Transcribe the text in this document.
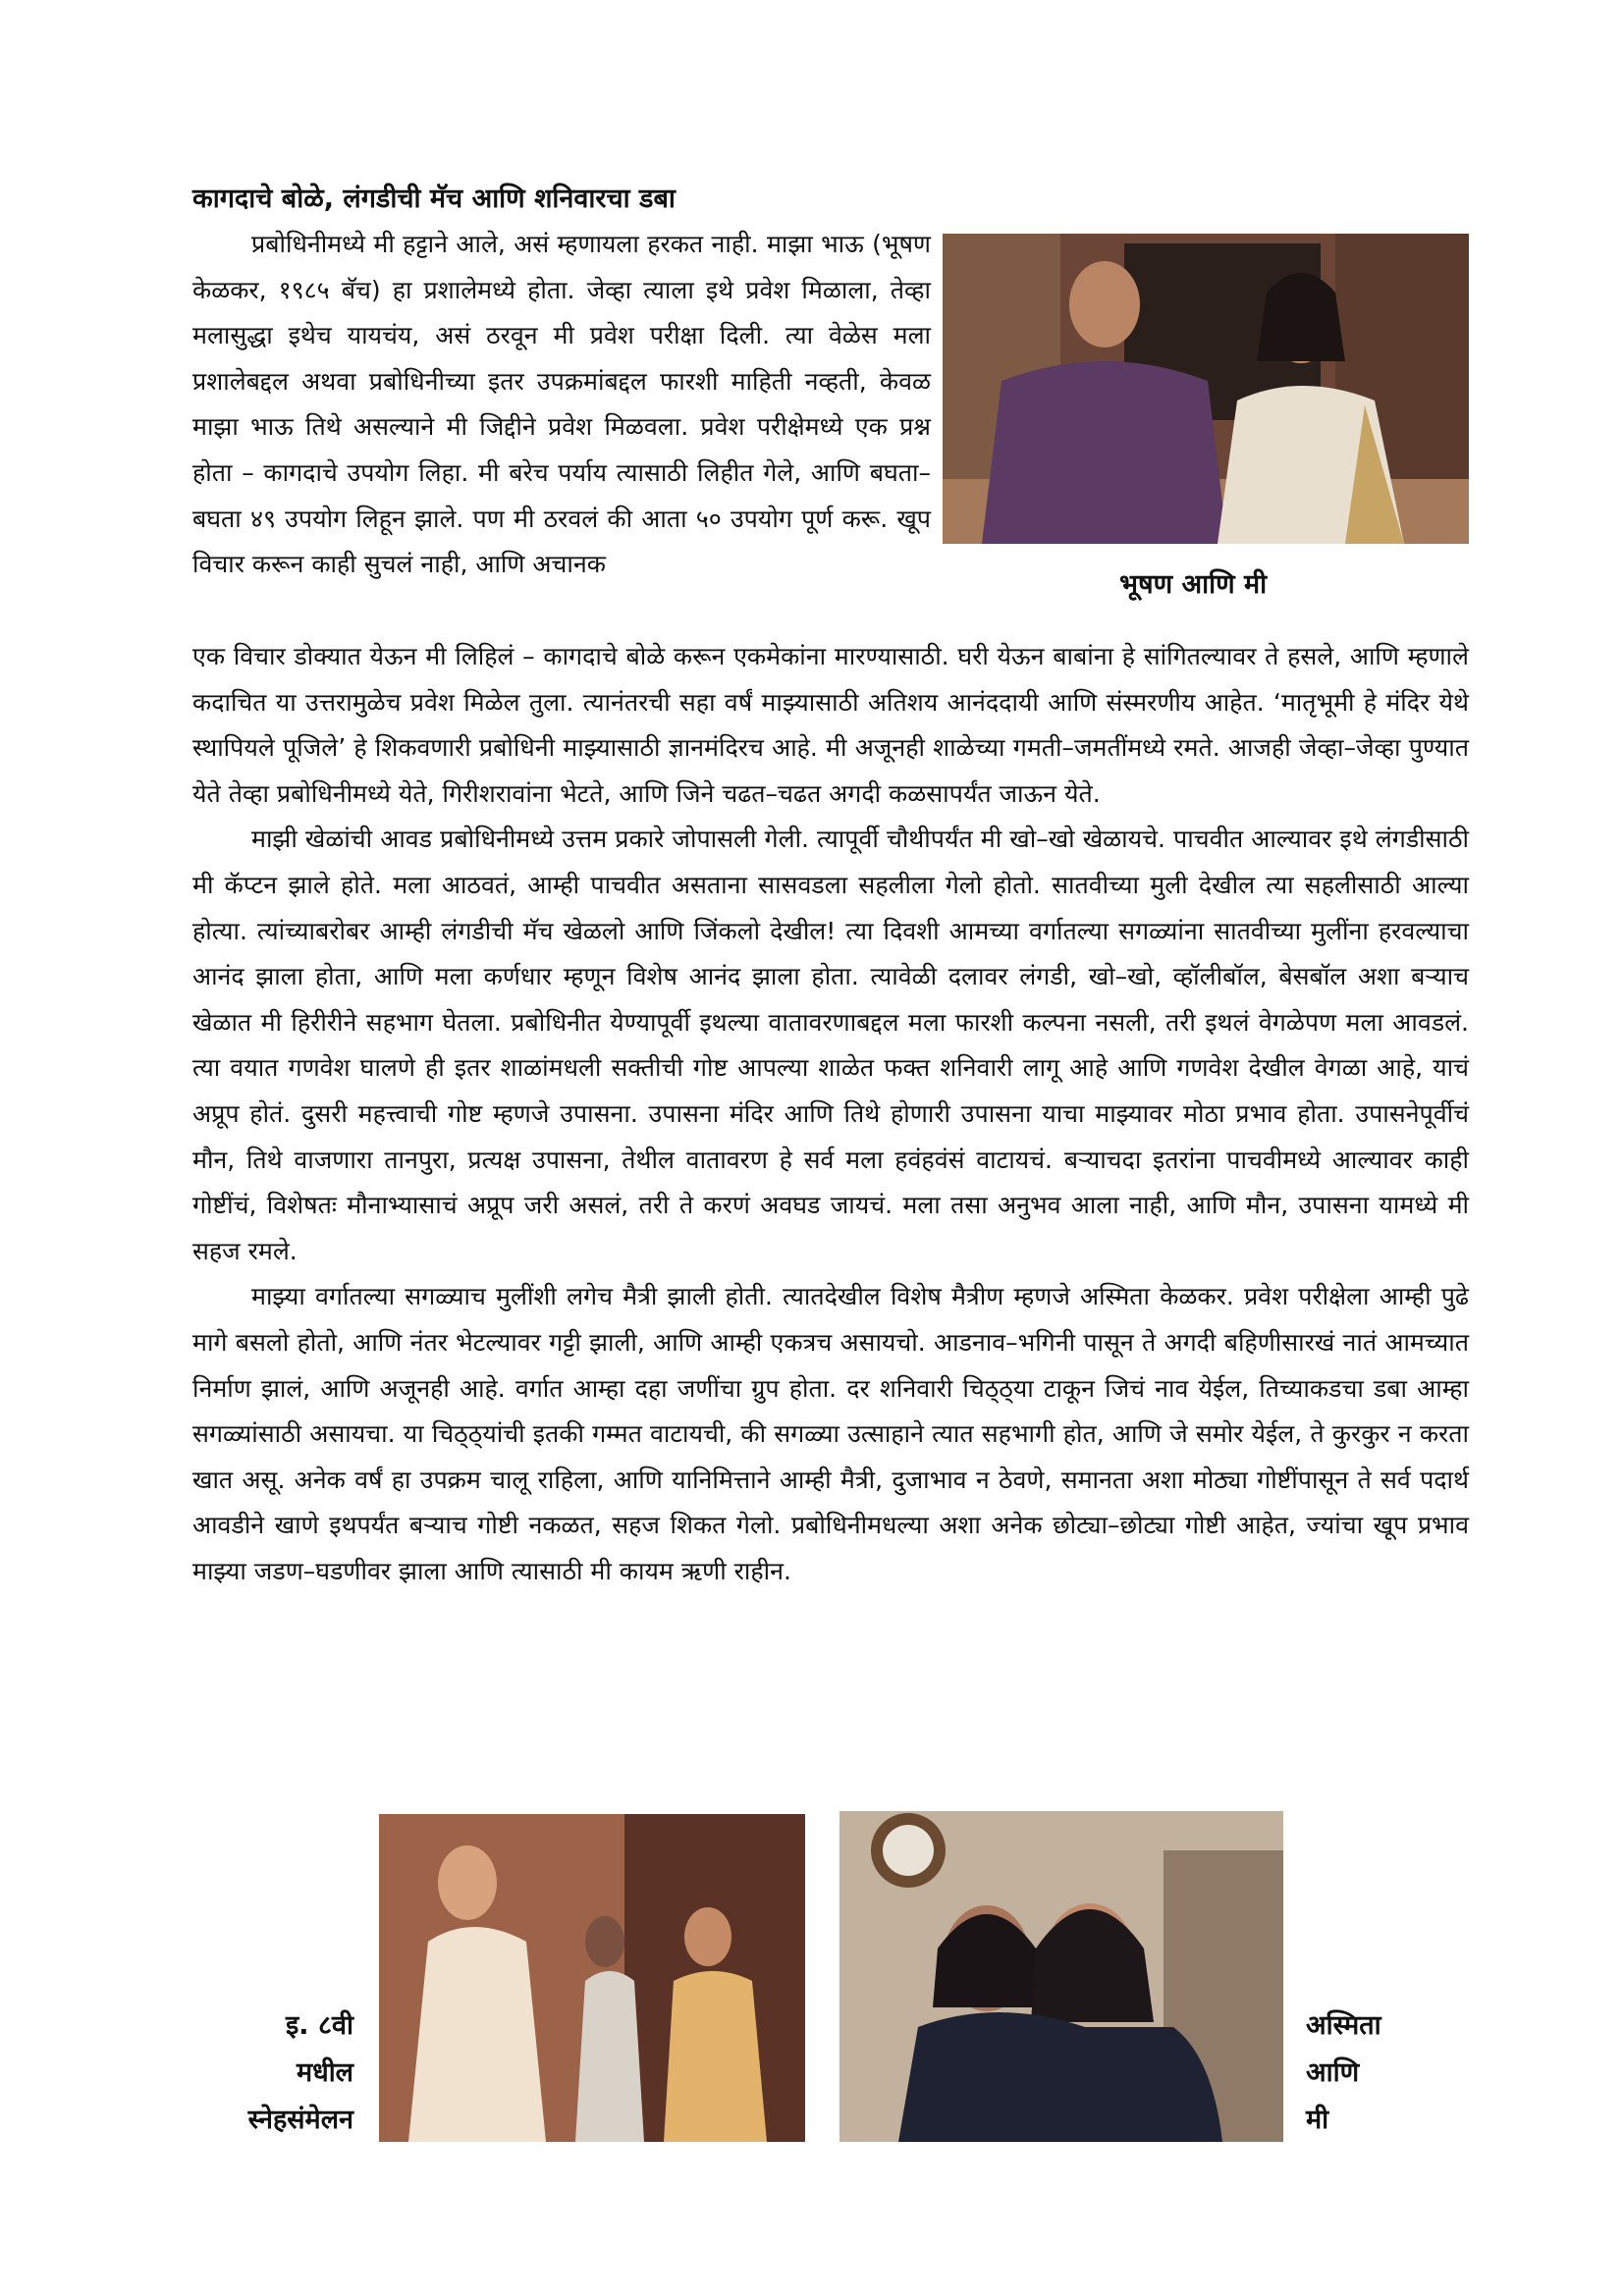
कागदाचे बोळे, लंगडीची मॅच आणि शनिवारचा डबा

प्रबोधिनीमध्ये मी हट्टाने आले, असं म्हणायला हरकत नाही. माझा भाऊ (भूषण केळकर, १९८५ बॅच) हा प्रशालेमध्ये होता. जेव्हा त्याला इथे प्रवेश मिळाला, तेव्हा मलासुद्धा इथेच यायचंय, असं ठरवून मी प्रवेश परीक्षा दिली. त्या वेळेस मला प्रशालेबद्दल अथवा प्रबोधिनीच्या इतर उपक्रमांबद्दल फारशी माहिती नव्हती, केवळ माझा भाऊ तिथे असल्याने मी जिद्दीने प्रवेश मिळवला. प्रवेश परीक्षेमध्ये एक प्रश्न होता – कागदाचे उपयोग लिहा. मी बरेच पर्याय त्यासाठी लिहीत गेले, आणि बघता–बघता ४९ उपयोग लिहून झाले. पण मी ठरवलं की आता ५० उपयोग पूर्ण करू. खूप विचार करून काही सुचलं नाही, आणि अचानक

भूषण आणि मी

एक विचार डोक्यात येऊन मी लिहिलं – कागदाचे बोळे करून एकमेकांना मारण्यासाठी. घरी येऊन बाबांना हे सांगितल्यावर ते हसले, आणि म्हणाले कदाचित या उत्तरामुळेच प्रवेश मिळेल तुला. त्यानंतरची सहा वर्षं माझ्यासाठी अतिशय आनंददायी आणि संस्मरणीय आहेत. ‘मातृभूमी हे मंदिर येथे स्थापियले पूजिले’ हे शिकवणारी प्रबोधिनी माझ्यासाठी ज्ञानमंदिरच आहे. मी अजूनही शाळेच्या गमती–जमतींमध्ये रमते. आजही जेव्हा–जेव्हा पुण्यात येते तेव्हा प्रबोधिनीमध्ये येते, गिरीशरावांना भेटते, आणि जिने चढत–चढत अगदी कळसापर्यंत जाऊन येते.

माझी खेळांची आवड प्रबोधिनीमध्ये उत्तम प्रकारे जोपासली गेली. त्यापूर्वी चौथीपर्यंत मी खो–खो खेळायचे. पाचवीत आल्यावर इथे लंगडीसाठी मी कॅप्टन झाले होते. मला आठवतं, आम्ही पाचवीत असताना सासवडला सहलीला गेलो होतो. सातवीच्या मुली देखील त्या सहलीसाठी आल्या होत्या. त्यांच्याबरोबर आम्ही लंगडीची मॅच खेळलो आणि जिंकलो देखील! त्या दिवशी आमच्या वर्गातल्या सगळ्यांना सातवीच्या मुलींना हरवल्याचा आनंद झाला होता, आणि मला कर्णधार म्हणून विशेष आनंद झाला होता. त्यावेळी दलावर लंगडी, खो–खो, व्हॉलीबॉल, बेसबॉल अशा बऱ्याच खेळात मी हिरीरीने सहभाग घेतला. प्रबोधिनीत येण्यापूर्वी इथल्या वातावरणाबद्दल मला फारशी कल्पना नसली, तरी इथलं वेगळेपण मला आवडलं. त्या वयात गणवेश घालणे ही इतर शाळांमधली सक्तीची गोष्ट आपल्या शाळेत फक्त शनिवारी लागू आहे आणि गणवेश देखील वेगळा आहे, याचं अप्रूप होतं. दुसरी महत्त्वाची गोष्ट म्हणजे उपासना. उपासना मंदिर आणि तिथे होणारी उपासना याचा माझ्यावर मोठा प्रभाव होता. उपासनेपूर्वीचं मौन, तिथे वाजणारा तानपुरा, प्रत्यक्ष उपासना, तेथील वातावरण हे सर्व मला हवंहवंसं वाटायचं. बऱ्याचदा इतरांना पाचवीमध्ये आल्यावर काही गोष्टींचं, विशेषतः मौनाभ्यासाचं अप्रूप जरी असलं, तरी ते करणं अवघड जायचं. मला तसा अनुभव आला नाही, आणि मौन, उपासना यामध्ये मी सहज रमले.

माझ्या वर्गातल्या सगळ्याच मुलींशी लगेच मैत्री झाली होती. त्यातदेखील विशेष मैत्रीण म्हणजे अस्मिता केळकर. प्रवेश परीक्षेला आम्ही पुढे मागे बसलो होतो, आणि नंतर भेटल्यावर गट्टी झाली, आणि आम्ही एकत्रच असायचो. आडनाव–भगिनी पासून ते अगदी बहिणीसारखं नातं आमच्यात निर्माण झालं, आणि अजूनही आहे. वर्गात आम्हा दहा जणींचा ग्रुप होता. दर शनिवारी चिठ्ठ्या टाकून जिचं नाव येईल, तिच्याकडचा डबा आम्हा सगळ्यांसाठी असायचा. या चिठ्ठ्यांची इतकी गम्मत वाटायची, की सगळ्या उत्साहाने त्यात सहभागी होत, आणि जे समोर येईल, ते कुरकुर न करता खात असू. अनेक वर्षं हा उपक्रम चालू राहिला, आणि यानिमित्ताने आम्ही मैत्री, दुजाभाव न ठेवणे, समानता अशा मोठ्या गोष्टींपासून ते सर्व पदार्थ आवडीने खाणे इथपर्यंत बऱ्याच गोष्टी नकळत, सहज शिकत गेलो. प्रबोधिनीमधल्या अशा अनेक छोट्या–छोट्या गोष्टी आहेत, ज्यांचा खूप प्रभाव माझ्या जडण–घडणीवर झाला आणि त्यासाठी मी कायम ऋणी राहीन.

इ. ८वी
मधील
स्नेहसंमेलन
अस्मिता
आणि
मी
